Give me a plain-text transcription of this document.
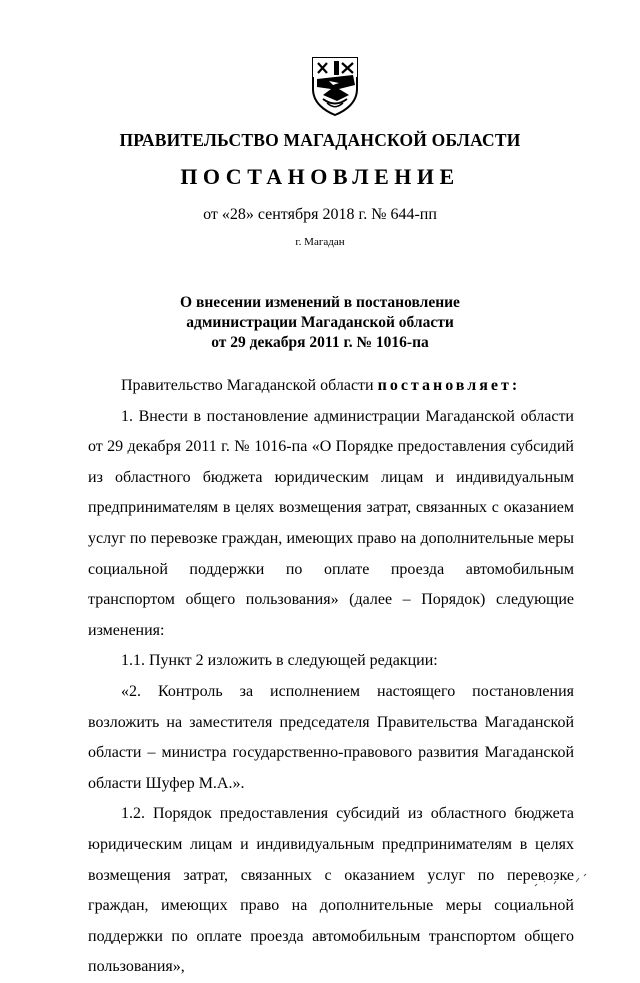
ПРАВИТЕЛЬСТВО МАГАДАНСКОЙ ОБЛАСТИ
ПОСТАНОВЛЕНИЕ
от «28» сентября 2018 г. № 644-пп
г. Магадан
О внесении изменений в постановление
администрации Магаданской области
от 29 декабря 2011 г. № 1016-па

Правительство Магаданской области постановляет:

1. Внести в постановление администрации Магаданской области от 29 декабря 2011 г. № 1016-па «О Порядке предоставления субсидий из областного бюджета юридическим лицам и индивидуальным предпринимателям в целях возмещения затрат, связанных с оказанием услуг по перевозке граждан, имеющих право на дополнительные меры социальной поддержки по оплате проезда автомобильным транспортом общего пользования» (далее – Порядок) следующие изменения:

1.1. Пункт 2 изложить в следующей редакции:

«2. Контроль за исполнением настоящего постановления возложить на заместителя председателя Правительства Магаданской области – министра государственно-правового развития Магаданской области Шуфер М.А.».

1.2. Порядок предоставления субсидий из областного бюджета юридическим лицам и индивидуальным предпринимателям в целях возмещения затрат, связанных с оказанием услуг по перевозке граждан, имеющих право на дополнительные меры социальной поддержки по оплате проезда автомобильным транспортом общего пользования»,
